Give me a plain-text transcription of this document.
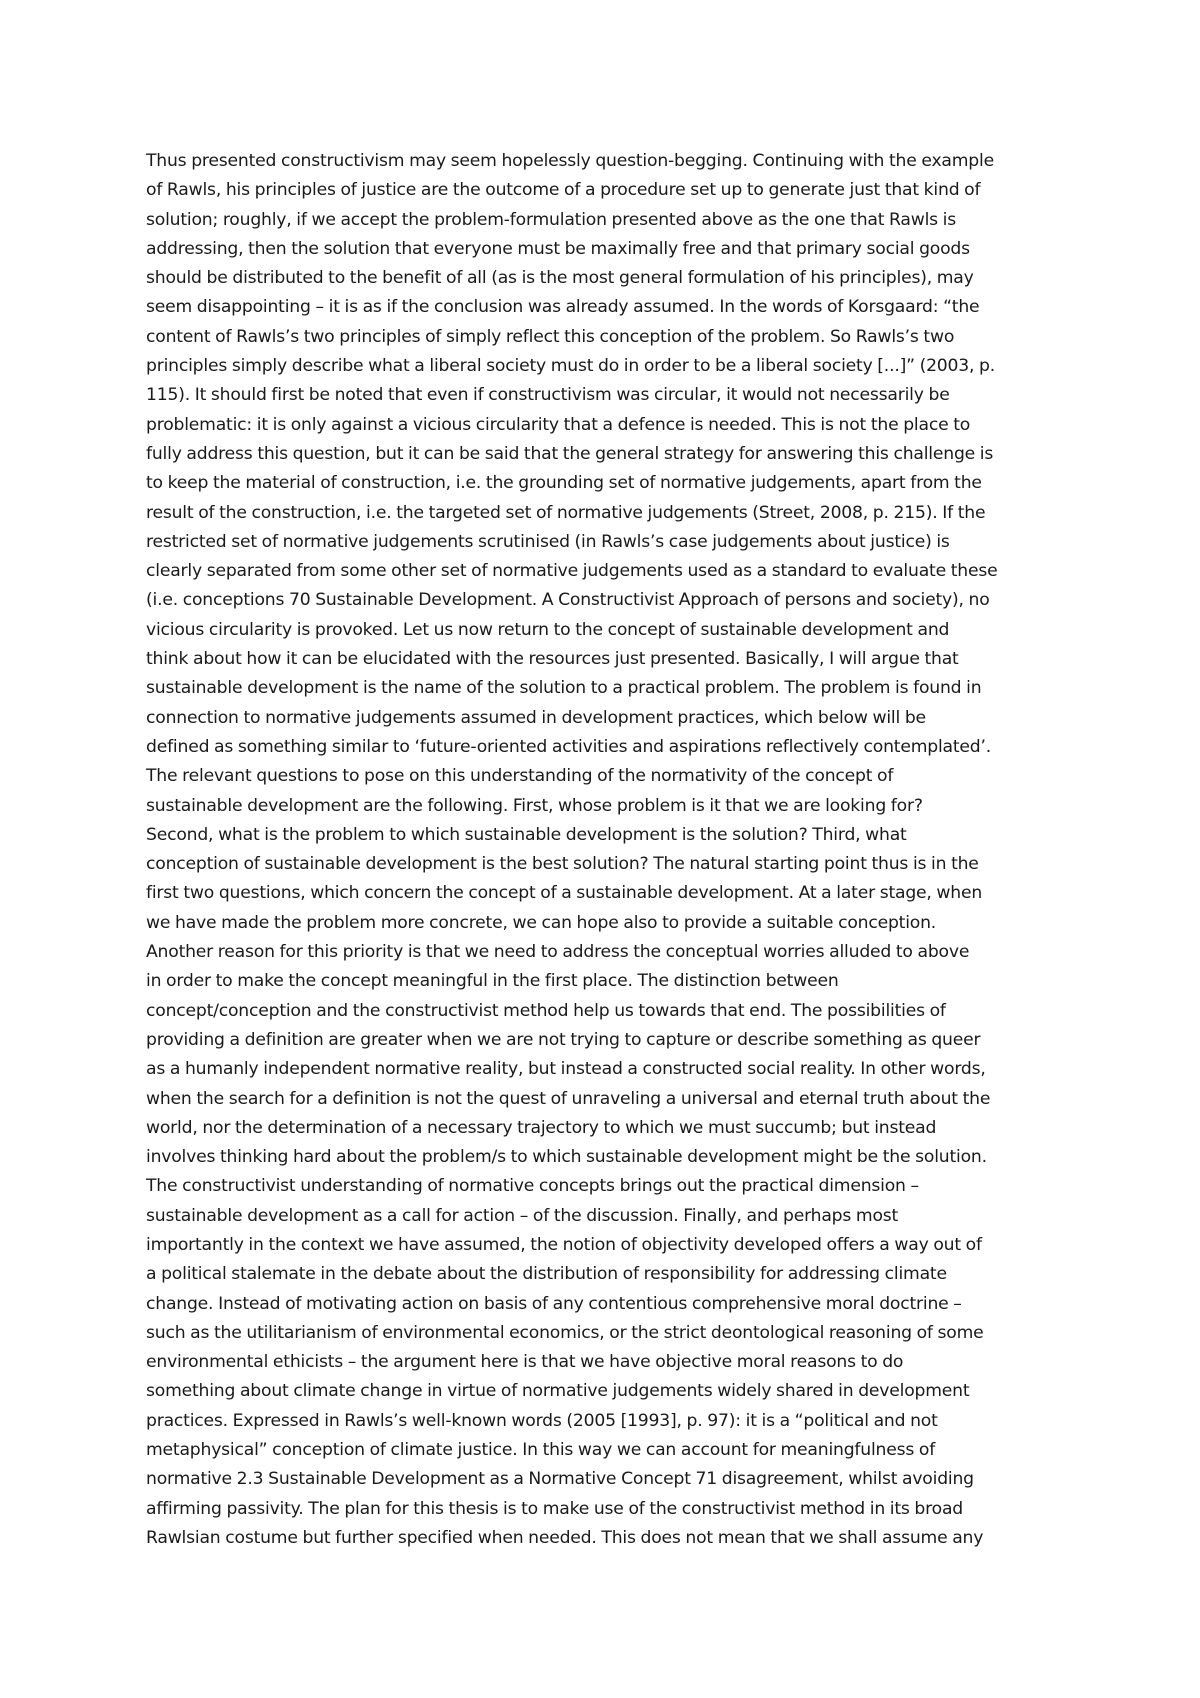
Thus presented constructivism may seem hopelessly question-begging. Continuing with the example
of Rawls, his principles of justice are the outcome of a procedure set up to generate just that kind of
solution; roughly, if we accept the problem-formulation presented above as the one that Rawls is
addressing, then the solution that everyone must be maximally free and that primary social goods
should be distributed to the benefit of all (as is the most general formulation of his principles), may
seem disappointing – it is as if the conclusion was already assumed. In the words of Korsgaard: “the
content of Rawls’s two principles of simply reflect this conception of the problem. So Rawls’s two
principles simply describe what a liberal society must do in order to be a liberal society [...]” (2003, p.
115). It should first be noted that even if constructivism was circular, it would not necessarily be
problematic: it is only against a vicious circularity that a defence is needed. This is not the place to
fully address this question, but it can be said that the general strategy for answering this challenge is
to keep the material of construction, i.e. the grounding set of normative judgements, apart from the
result of the construction, i.e. the targeted set of normative judgements (Street, 2008, p. 215). If the
restricted set of normative judgements scrutinised (in Rawls’s case judgements about justice) is
clearly separated from some other set of normative judgements used as a standard to evaluate these
(i.e. conceptions 70 Sustainable Development. A Constructivist Approach of persons and society), no
vicious circularity is provoked. Let us now return to the concept of sustainable development and
think about how it can be elucidated with the resources just presented. Basically, I will argue that
sustainable development is the name of the solution to a practical problem. The problem is found in
connection to normative judgements assumed in development practices, which below will be
defined as something similar to ‘future-oriented activities and aspirations reflectively contemplated’.
The relevant questions to pose on this understanding of the normativity of the concept of
sustainable development are the following. First, whose problem is it that we are looking for?
Second, what is the problem to which sustainable development is the solution? Third, what
conception of sustainable development is the best solution? The natural starting point thus is in the
first two questions, which concern the concept of a sustainable development. At a later stage, when
we have made the problem more concrete, we can hope also to provide a suitable conception.
Another reason for this priority is that we need to address the conceptual worries alluded to above
in order to make the concept meaningful in the first place. The distinction between
concept/conception and the constructivist method help us towards that end. The possibilities of
providing a definition are greater when we are not trying to capture or describe something as queer
as a humanly independent normative reality, but instead a constructed social reality. In other words,
when the search for a definition is not the quest of unraveling a universal and eternal truth about the
world, nor the determination of a necessary trajectory to which we must succumb; but instead
involves thinking hard about the problem/s to which sustainable development might be the solution.
The constructivist understanding of normative concepts brings out the practical dimension –
sustainable development as a call for action – of the discussion. Finally, and perhaps most
importantly in the context we have assumed, the notion of objectivity developed offers a way out of
a political stalemate in the debate about the distribution of responsibility for addressing climate
change. Instead of motivating action on basis of any contentious comprehensive moral doctrine –
such as the utilitarianism of environmental economics, or the strict deontological reasoning of some
environmental ethicists – the argument here is that we have objective moral reasons to do
something about climate change in virtue of normative judgements widely shared in development
practices. Expressed in Rawls’s well-known words (2005 [1993], p. 97): it is a “political and not
metaphysical” conception of climate justice. In this way we can account for meaningfulness of
normative 2.3 Sustainable Development as a Normative Concept 71 disagreement, whilst avoiding
affirming passivity. The plan for this thesis is to make use of the constructivist method in its broad
Rawlsian costume but further specified when needed. This does not mean that we shall assume any
